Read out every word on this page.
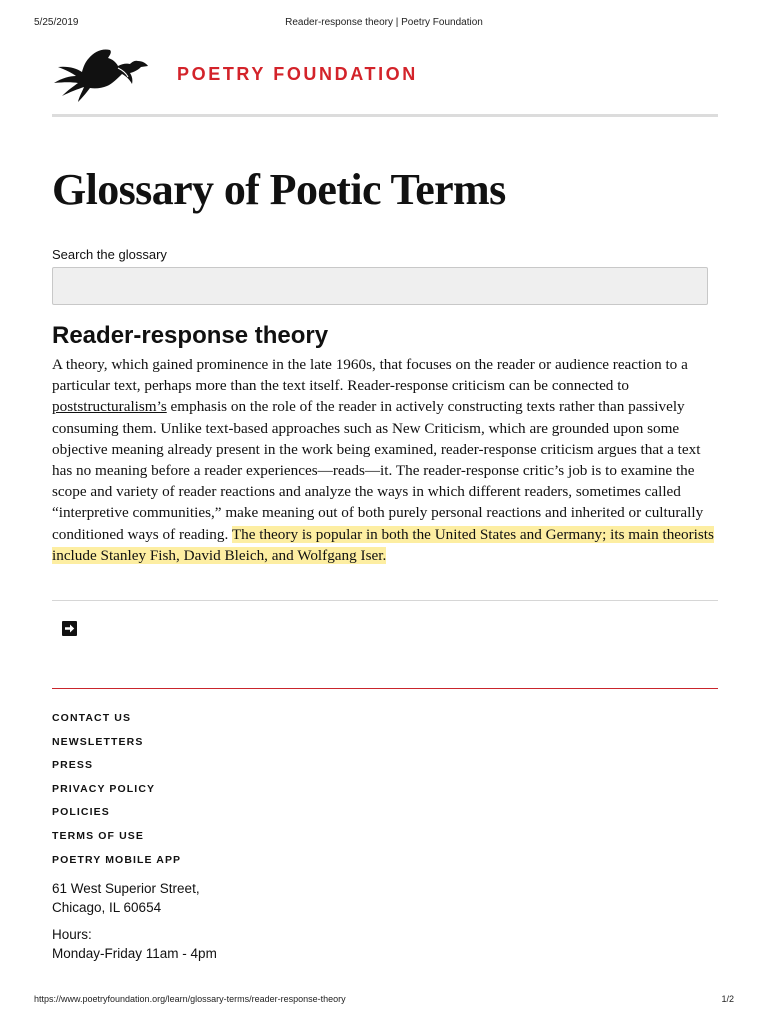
5/25/2019	Reader-response theory | Poetry Foundation
POETRY FOUNDATION
Glossary of Poetic Terms
Search the glossary
Reader-response theory

A theory, which gained prominence in the late 1960s, that focuses on the reader or audience reaction to a particular text, perhaps more than the text itself. Reader-response criticism can be connected to poststructuralism’s emphasis on the role of the reader in actively constructing texts rather than passively consuming them. Unlike text-based approaches such as New Criticism, which are grounded upon some objective meaning already present in the work being examined, reader-response criticism argues that a text has no meaning before a reader experiences—reads—it. The reader-response critic’s job is to examine the scope and variety of reader reactions and analyze the ways in which different readers, sometimes called “interpretive communities,” make meaning out of both purely personal reactions and inherited or culturally conditioned ways of reading. The theory is popular in both the United States and Germany; its main theorists include Stanley Fish, David Bleich, and Wolfgang Iser.

CONTACT US
NEWSLETTERS
PRESS
PRIVACY POLICY
POLICIES
TERMS OF USE
POETRY MOBILE APP
61 West Superior Street,
Chicago, IL 60654
Hours:
Monday-Friday 11am - 4pm
https://www.poetryfoundation.org/learn/glossary-terms/reader-response-theory	1/2
